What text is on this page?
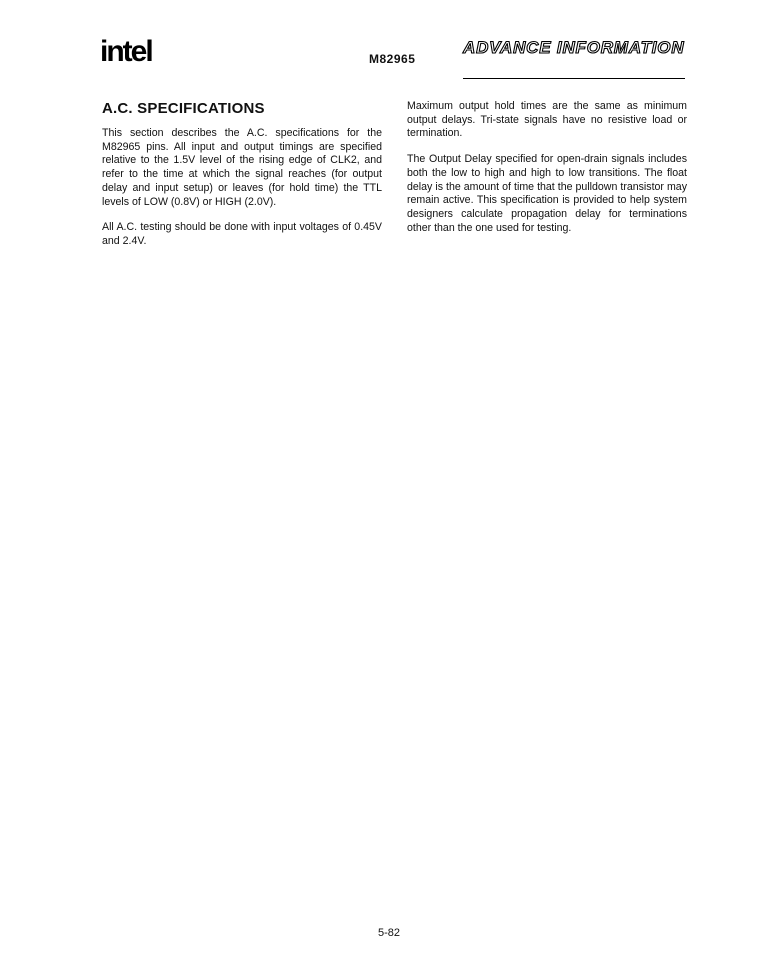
intel	M82965
ADVANCE INFORMATION
A.C. SPECIFICATIONS

This section describes the A.C. specifications for the M82965 pins. All input and output timings are specified relative to the 1.5V level of the rising edge of CLK2, and refer to the time at which the signal reaches (for output delay and input setup) or leaves (for hold time) the TTL levels of LOW (0.8V) or HIGH (2.0V).

All A.C. testing should be done with input voltages of 0.45V and 2.4V.

Maximum output hold times are the same as minimum output delays. Tri-state signals have no resistive load or termination.

The Output Delay specified for open-drain signals includes both the low to high and high to low transitions. The float delay is the amount of time that the pulldown transistor may remain active. This specification is provided to help system designers calculate propagation delay for terminations other than the one used for testing.

5-82
